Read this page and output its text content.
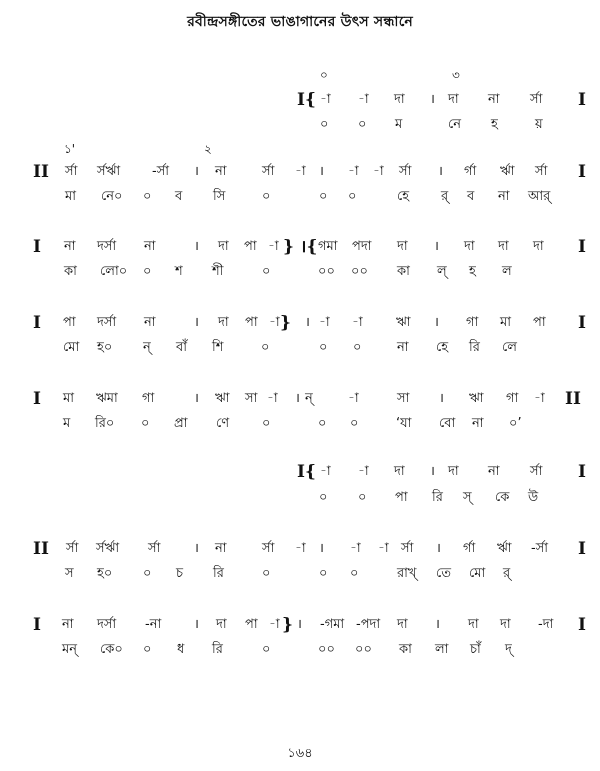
রবীন্দ্রসঙ্গীতের ভাঙাগানের উৎস সন্ধানে
০	৩
I{ -া -া দা । দা না র্সা I
০ ০ ম	নে হ	য়
১'	২
II র্সা র্সর্ঋা -র্সা । না	র্সা -া । -া -া র্সা । র্গা র্ঋা র্সা I
মা নে০ ০ ব সি	০	০ ০	হে র্ ব না আর্
I না দর্সা না	। দা পা -া } ।{ গমা পদা দা । দা দা দা I
কা লো০ ০ শ শী	০	০০ ০০ কা ল্ হ ল
I পা দর্সা না	। দা পা -া } । -া -া	ঋা । গা মা পা I
মো হ০ ন্ বাঁ শি	০	০ ০	না হে রি লে
I মা ঋমা গা	। ঋা সা -া । ন্	-া	সা । ঋা গা -া II
ম রি০ ০ প্রা ণে	০	০ ০	‘যা বো না ০’
I{ -া -া দা । দা না র্সা I
০ ০ পা রি স্ কে উ
II র্সা র্সর্ঋা র্সা	। না	র্সা -া । -া -া র্সা । র্গা র্ঋা -র্সা I
স হ০ ০ চ রি	০	০ ০	রাখ্ তে মো র্
I না দর্সা -না	। দা পা -া } । -গমা -পদা দা । দা দা -দা I
মন্ কে০ ০ ধ রি	০	০০ ০০ কা লা চাঁ দ্
১৬৪
